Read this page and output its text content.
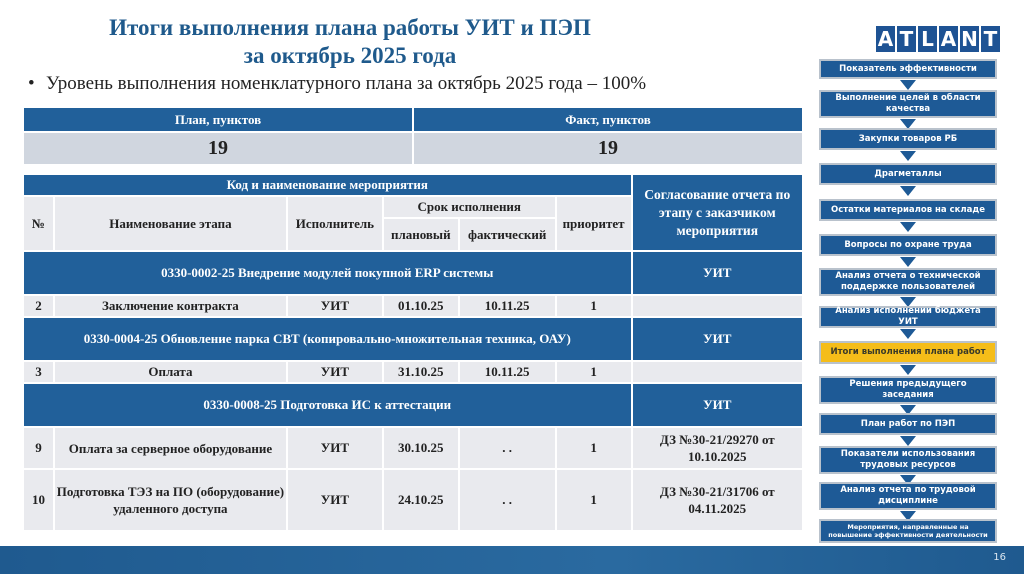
Итоги выполнения плана работы УИТ и ПЭП
за октябрь 2025 года
• Уровень выполнения номенклатурного плана за октябрь 2025 года – 100%
План, пунктов	Факт, пунктов
19	19
Код и наименование мероприятия						Согласование отчета по этапу с заказчиком мероприятия
№	Наименование этапа	Исполнитель	Срок исполнения		приоритет	
			плановый	фактический		
0330-0002-25 Внедрение модулей покупной ERP системы						УИТ
2	Заключение контракта	УИТ	01.10.25	10.11.25	1	
0330-0004-25 Обновление парка СВТ (копировально-множительная техника, ОАУ)						УИТ
3	Оплата	УИТ	31.10.25	10.11.25	1	
0330-0008-25 Подготовка ИС к аттестации						УИТ
9	Оплата за серверное оборудование	УИТ	30.10.25	. .	1	ДЗ №30-21/29270 от 10.10.2025
10	Подготовка ТЭЗ на ПО (оборудование) удаленного доступа	УИТ	24.10.25	. .	1	ДЗ №30-21/31706 от 04.11.2025
A T L A N T
Показатель эффективности
Выполнение целей в области качества
Закупки товаров РБ
Драгметаллы
Остатки материалов на складе
Вопросы по охране труда
Анализ отчета о технической поддержке пользователей
Анализ исполнении бюджета УИТ
Итоги выполнения плана работ
Решения предыдущего заседания
План работ по ПЭП
Показатели использования трудовых ресурсов
Анализ отчета по трудовой дисциплине
Мероприятия, направленные на повышение эффективности деятельности
16
